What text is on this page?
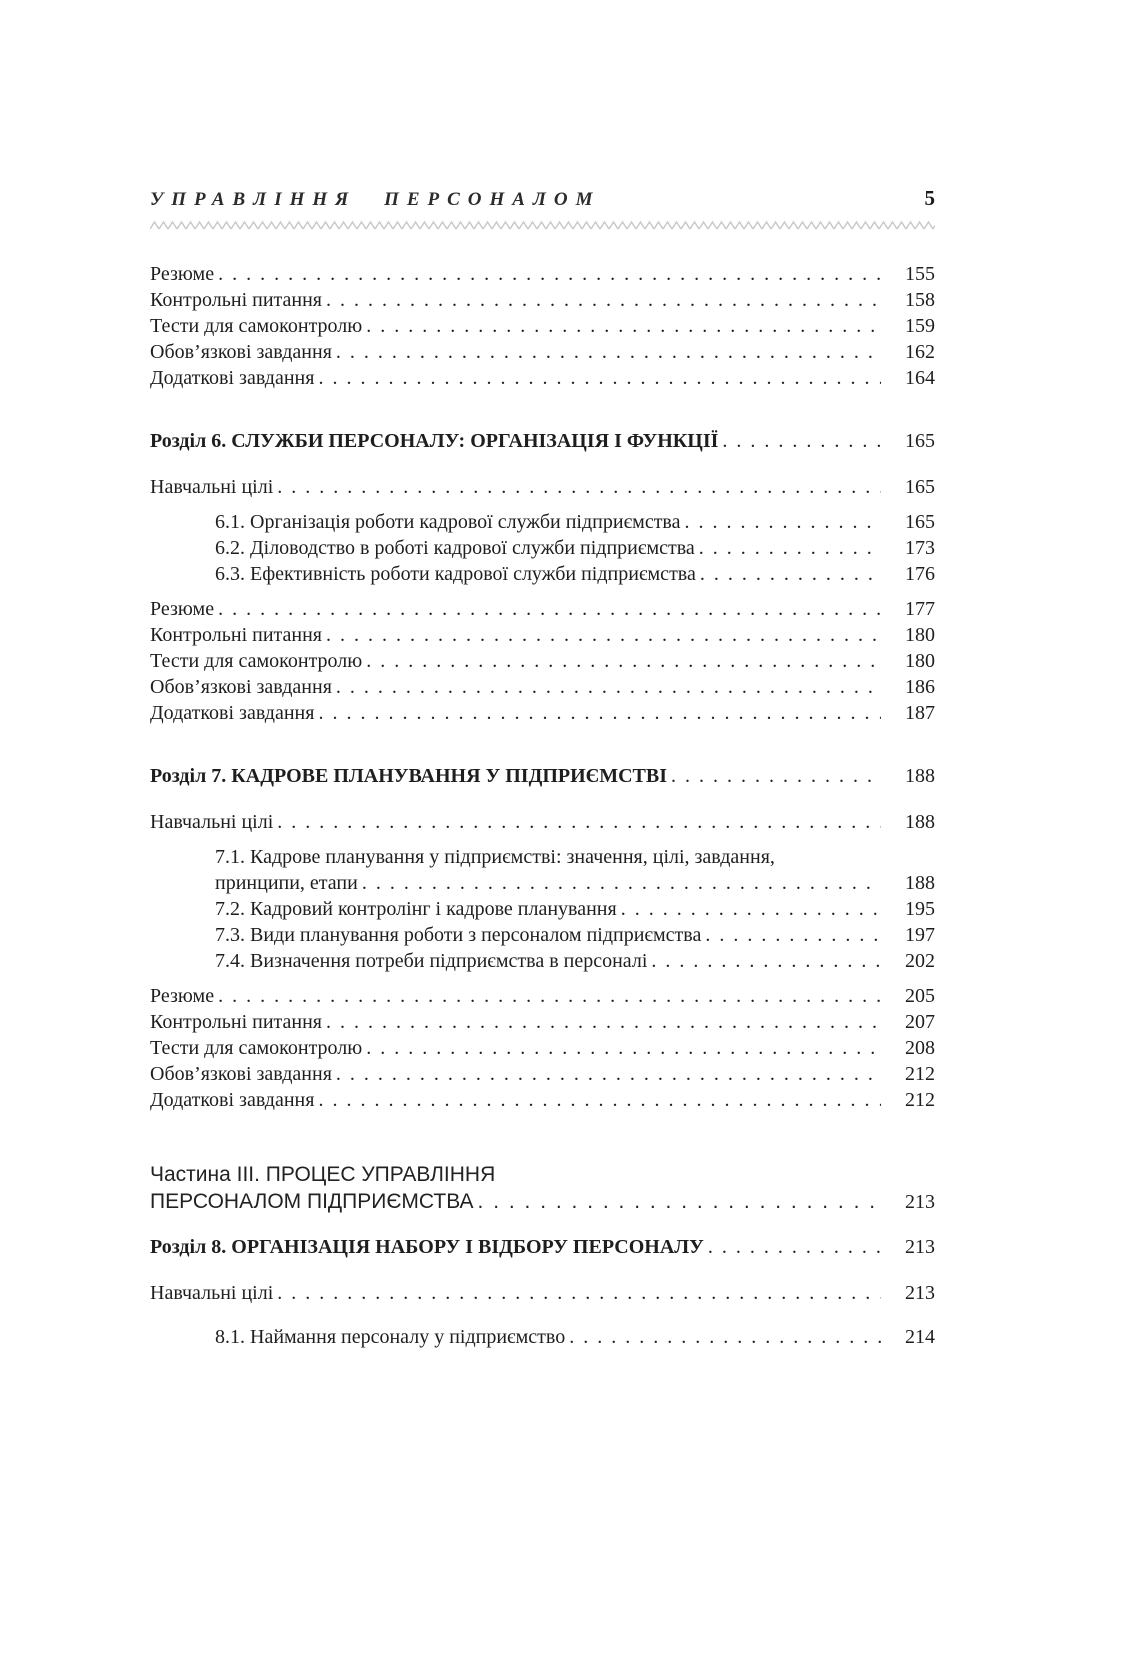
УПРАВЛІННЯ ПЕРСОНАЛОМ	5
Резюме . . .	155
Контрольні питання . . .	158
Тести для самоконтролю . . .	159
Обов’язкові завдання . . .	162
Додаткові завдання . . .	164
Розділ 6. СЛУЖБИ ПЕРСОНАЛУ: ОРГАНІЗАЦІЯ І ФУНКЦІЇ . . .	165
Навчальні цілі . . .	165
6.1. Організація роботи кадрової служби підприємства . . .	165
6.2. Діловодство в роботі кадрової служби підприємства . . .	173
6.3. Ефективність роботи кадрової служби підприємства . . .	176
Резюме . . .	177
Контрольні питання . . .	180
Тести для самоконтролю . . .	180
Обов’язкові завдання . . .	186
Додаткові завдання . . .	187
Розділ 7. КАДРОВЕ ПЛАНУВАННЯ У ПІДПРИЄМСТВІ . . .	188
Навчальні цілі . . .	188
7.1. Кадрове планування у підприємстві: значення, цілі, завдання,
принципи, етапи . . .	188
7.2. Кадровий контролінг і кадрове планування . . .	195
7.3. Види планування роботи з персоналом підприємства . . .	197
7.4. Визначення потреби підприємства в персоналі . . .	202
Резюме . . .	205
Контрольні питання . . .	207
Тести для самоконтролю . . .	208
Обов’язкові завдання . . .	212
Додаткові завдання . . .	212
Частина III. ПРОЦЕС УПРАВЛІННЯ
ПЕРСОНАЛОМ ПІДПРИЄМСТВА . . .	213
Розділ 8. ОРГАНІЗАЦІЯ НАБОРУ І ВІДБОРУ ПЕРСОНАЛУ . . .	213
Навчальні цілі . . .	213
8.1. Наймання персоналу у підприємство . . .	214
